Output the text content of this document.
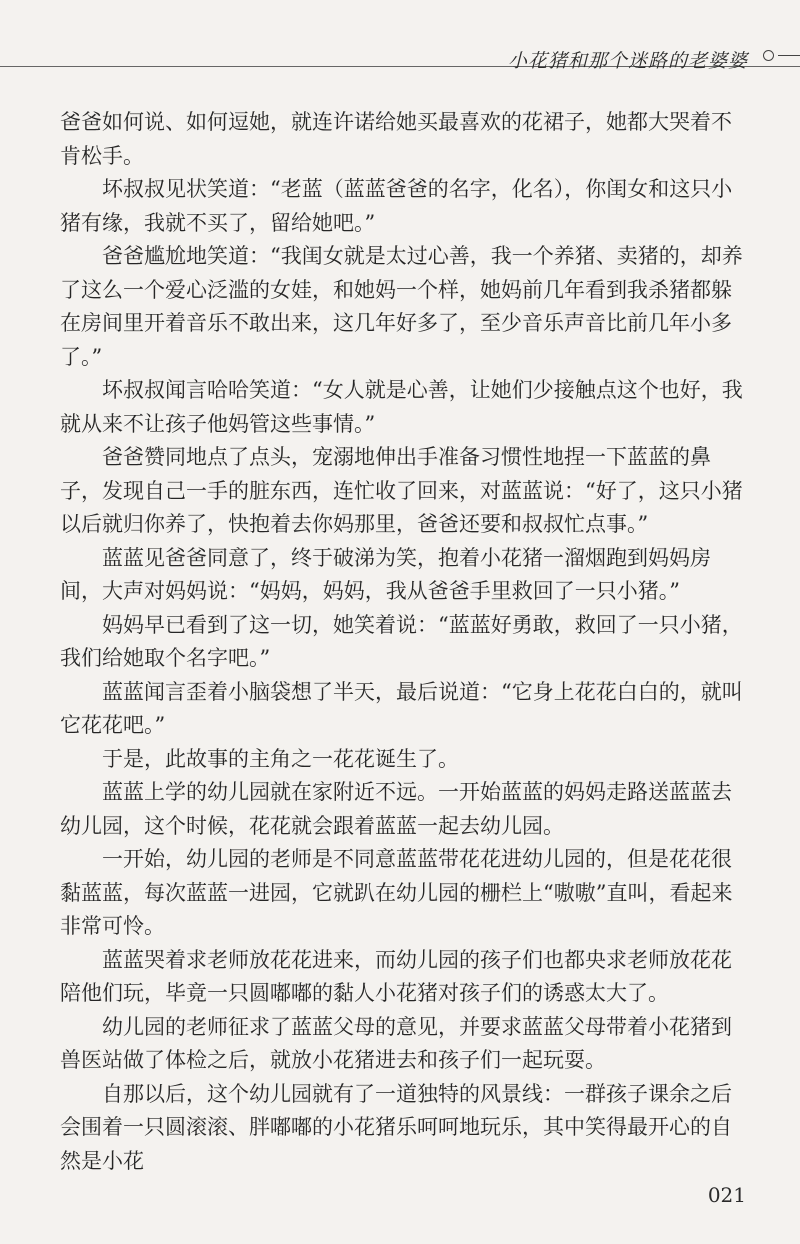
小花猪和那个迷路的老婆婆

爸爸如何说、如何逗她，就连许诺给她买最喜欢的花裙子，她都大哭着不肯松手。

坏叔叔见状笑道：“老蓝（蓝蓝爸爸的名字，化名），你闺女和这只小猪有缘，我就不买了，留给她吧。”

爸爸尴尬地笑道：“我闺女就是太过心善，我一个养猪、卖猪的，却养了这么一个爱心泛滥的女娃，和她妈一个样，她妈前几年看到我杀猪都躲在房间里开着音乐不敢出来，这几年好多了，至少音乐声音比前几年小多了。”

坏叔叔闻言哈哈笑道：“女人就是心善，让她们少接触点这个也好，我就从来不让孩子他妈管这些事情。”

爸爸赞同地点了点头，宠溺地伸出手准备习惯性地捏一下蓝蓝的鼻子，发现自己一手的脏东西，连忙收了回来，对蓝蓝说：“好了，这只小猪以后就归你养了，快抱着去你妈那里，爸爸还要和叔叔忙点事。”

蓝蓝见爸爸同意了，终于破涕为笑，抱着小花猪一溜烟跑到妈妈房间，大声对妈妈说：“妈妈，妈妈，我从爸爸手里救回了一只小猪。”

妈妈早已看到了这一切，她笑着说：“蓝蓝好勇敢，救回了一只小猪，我们给她取个名字吧。”

蓝蓝闻言歪着小脑袋想了半天，最后说道：“它身上花花白白的，就叫它花花吧。”

于是，此故事的主角之一花花诞生了。

蓝蓝上学的幼儿园就在家附近不远。一开始蓝蓝的妈妈走路送蓝蓝去幼儿园，这个时候，花花就会跟着蓝蓝一起去幼儿园。

一开始，幼儿园的老师是不同意蓝蓝带花花进幼儿园的，但是花花很黏蓝蓝，每次蓝蓝一进园，它就趴在幼儿园的栅栏上“嗷嗷”直叫，看起来非常可怜。

蓝蓝哭着求老师放花花进来，而幼儿园的孩子们也都央求老师放花花陪他们玩，毕竟一只圆嘟嘟的黏人小花猪对孩子们的诱惑太大了。

幼儿园的老师征求了蓝蓝父母的意见，并要求蓝蓝父母带着小花猪到兽医站做了体检之后，就放小花猪进去和孩子们一起玩耍。

自那以后，这个幼儿园就有了一道独特的风景线：一群孩子课余之后会围着一只圆滚滚、胖嘟嘟的小花猪乐呵呵地玩乐，其中笑得最开心的自然是小花

021
